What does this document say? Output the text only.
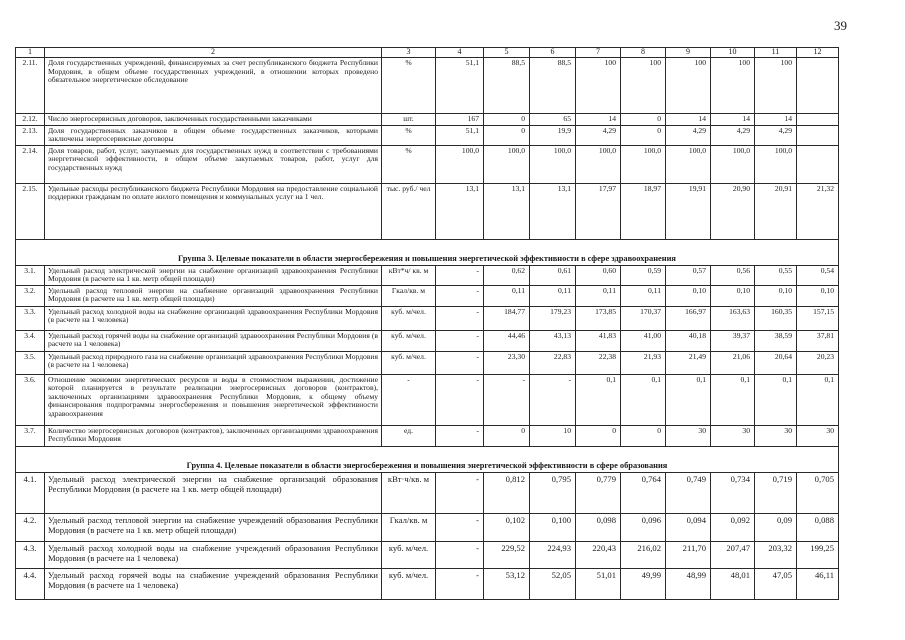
39
1	2	3	4	5	6	7	8	9	10	11	12
2.11.	Доля государственных учреждений, финансируемых за счет республиканского бюджета Республики Мордовия, в общем объеме государственных учреждений, в отношении которых проведено обязательное энергетическое обследование	%	51,1	88,5	88,5	100	100	100	100	100	
2.12.	Число энергосервисных договоров, заключенных государственными заказчиками	шт.	167	0	65	14	0	14	14	14	
2.13.	Доля государственных заказчиков в общем объеме государственных заказчиков, которыми заключены энергосервисные договоры	%	51,1	0	19,9	4,29	0	4,29	4,29	4,29	
2.14.	Доля товаров, работ, услуг, закупаемых для государственных нужд в соответствии с требованиями энергетической эффективности, в общем объеме закупаемых товаров, работ, услуг для государственных нужд	%	100,0	100,0	100,0	100,0	100,0	100,0	100,0	100,0	
2.15.	Удельные расходы республиканского бюджета Республики Мордовия на предоставление социальной поддержки гражданам по оплате жилого помещения и коммунальных услуг на 1 чел.	тыс. руб./ чел	13,1	13,1	13,1	17,97	18,97	19,91	20,90	20,91	21,32
Группа 3. Целевые показатели в области энергосбережения и повышения энергетической эффективности в сфере здравоохранения											
3.1.	Удельный расход электрической энергии на снабжение организаций здравоохранения Республики Мордовия (в расчете на 1 кв. метр общей площади)	кВт*ч/ кв. м	-	0,62	0,61	0,60	0,59	0,57	0,56	0,55	0,54
3.2.	Удельный расход тепловой энергии на снабжение организаций здравоохранения Республики Мордовия (в расчете на 1 кв. метр общей площади)	Гкал/кв. м	-	0,11	0,11	0,11	0,11	0,10	0,10	0,10	0,10
3.3.	Удельный расход холодной воды на снабжение организаций здравоохранения Республики Мордовия (в расчете на 1 человека)	куб. м/чел.	-	184,77	179,23	173,85	170,37	166,97	163,63	160,35	157,15
3.4.	Удельный расход горячей воды на снабжение организаций здравоохранения Республики Мордовия (в расчете на 1 человека)	куб. м/чел.	-	44,46	43,13	41,83	41,00	40,18	39,37	38,59	37,81
3.5.	Удельный расход природного газа на снабжение организаций здравоохранения Республики Мордовия (в расчете на 1 человека)	куб. м/чел.	-	23,30	22,83	22,38	21,93	21,49	21,06	20,64	20,23
3.6.	Отношение экономии энергетических ресурсов и воды в стоимостном выражении, достижение которой планируется в результате реализации энергосервисных договоров (контрактов), заключенных организациями здравоохранения Республики Мордовия, к общему объему финансирования подпрограммы энергосбережения и повышения энергетической эффективности здравоохранения	-	-	-	-	0,1	0,1	0,1	0,1	0,1	0,1
3.7.	Количество энергосервисных договоров (контрактов), заключенных организациями здравоохранения Республики Мордовия	ед.	-	0	10	0	0	30	30	30	30
Группа 4. Целевые показатели в области энергосбережения и повышения энергетической эффективности в сфере образования											
4.1.	Удельный расход электрической энергии на снабжение организаций образования Республики Мордовия (в расчете на 1 кв. метр общей площади)	кВт·ч/кв. м	-	0,812	0,795	0,779	0,764	0,749	0,734	0,719	0,705
4.2.	Удельный расход тепловой энергии на снабжение учреждений образования Республики Мордовия (в расчете на 1 кв. метр общей площади)	Гкал/кв. м	-	0,102	0,100	0,098	0,096	0,094	0,092	0,09	0,088
4.3.	Удельный расход холодной воды на снабжение учреждений образования Республики Мордовия (в расчете на 1 человека)	куб. м/чел.	-	229,52	224,93	220,43	216,02	211,70	207,47	203,32	199,25
4.4.	Удельный расход горячей воды на снабжение учреждений образования Республики Мордовия (в расчете на 1 человека)	куб. м/чел.	-	53,12	52,05	51,01	49,99	48,99	48,01	47,05	46,11
